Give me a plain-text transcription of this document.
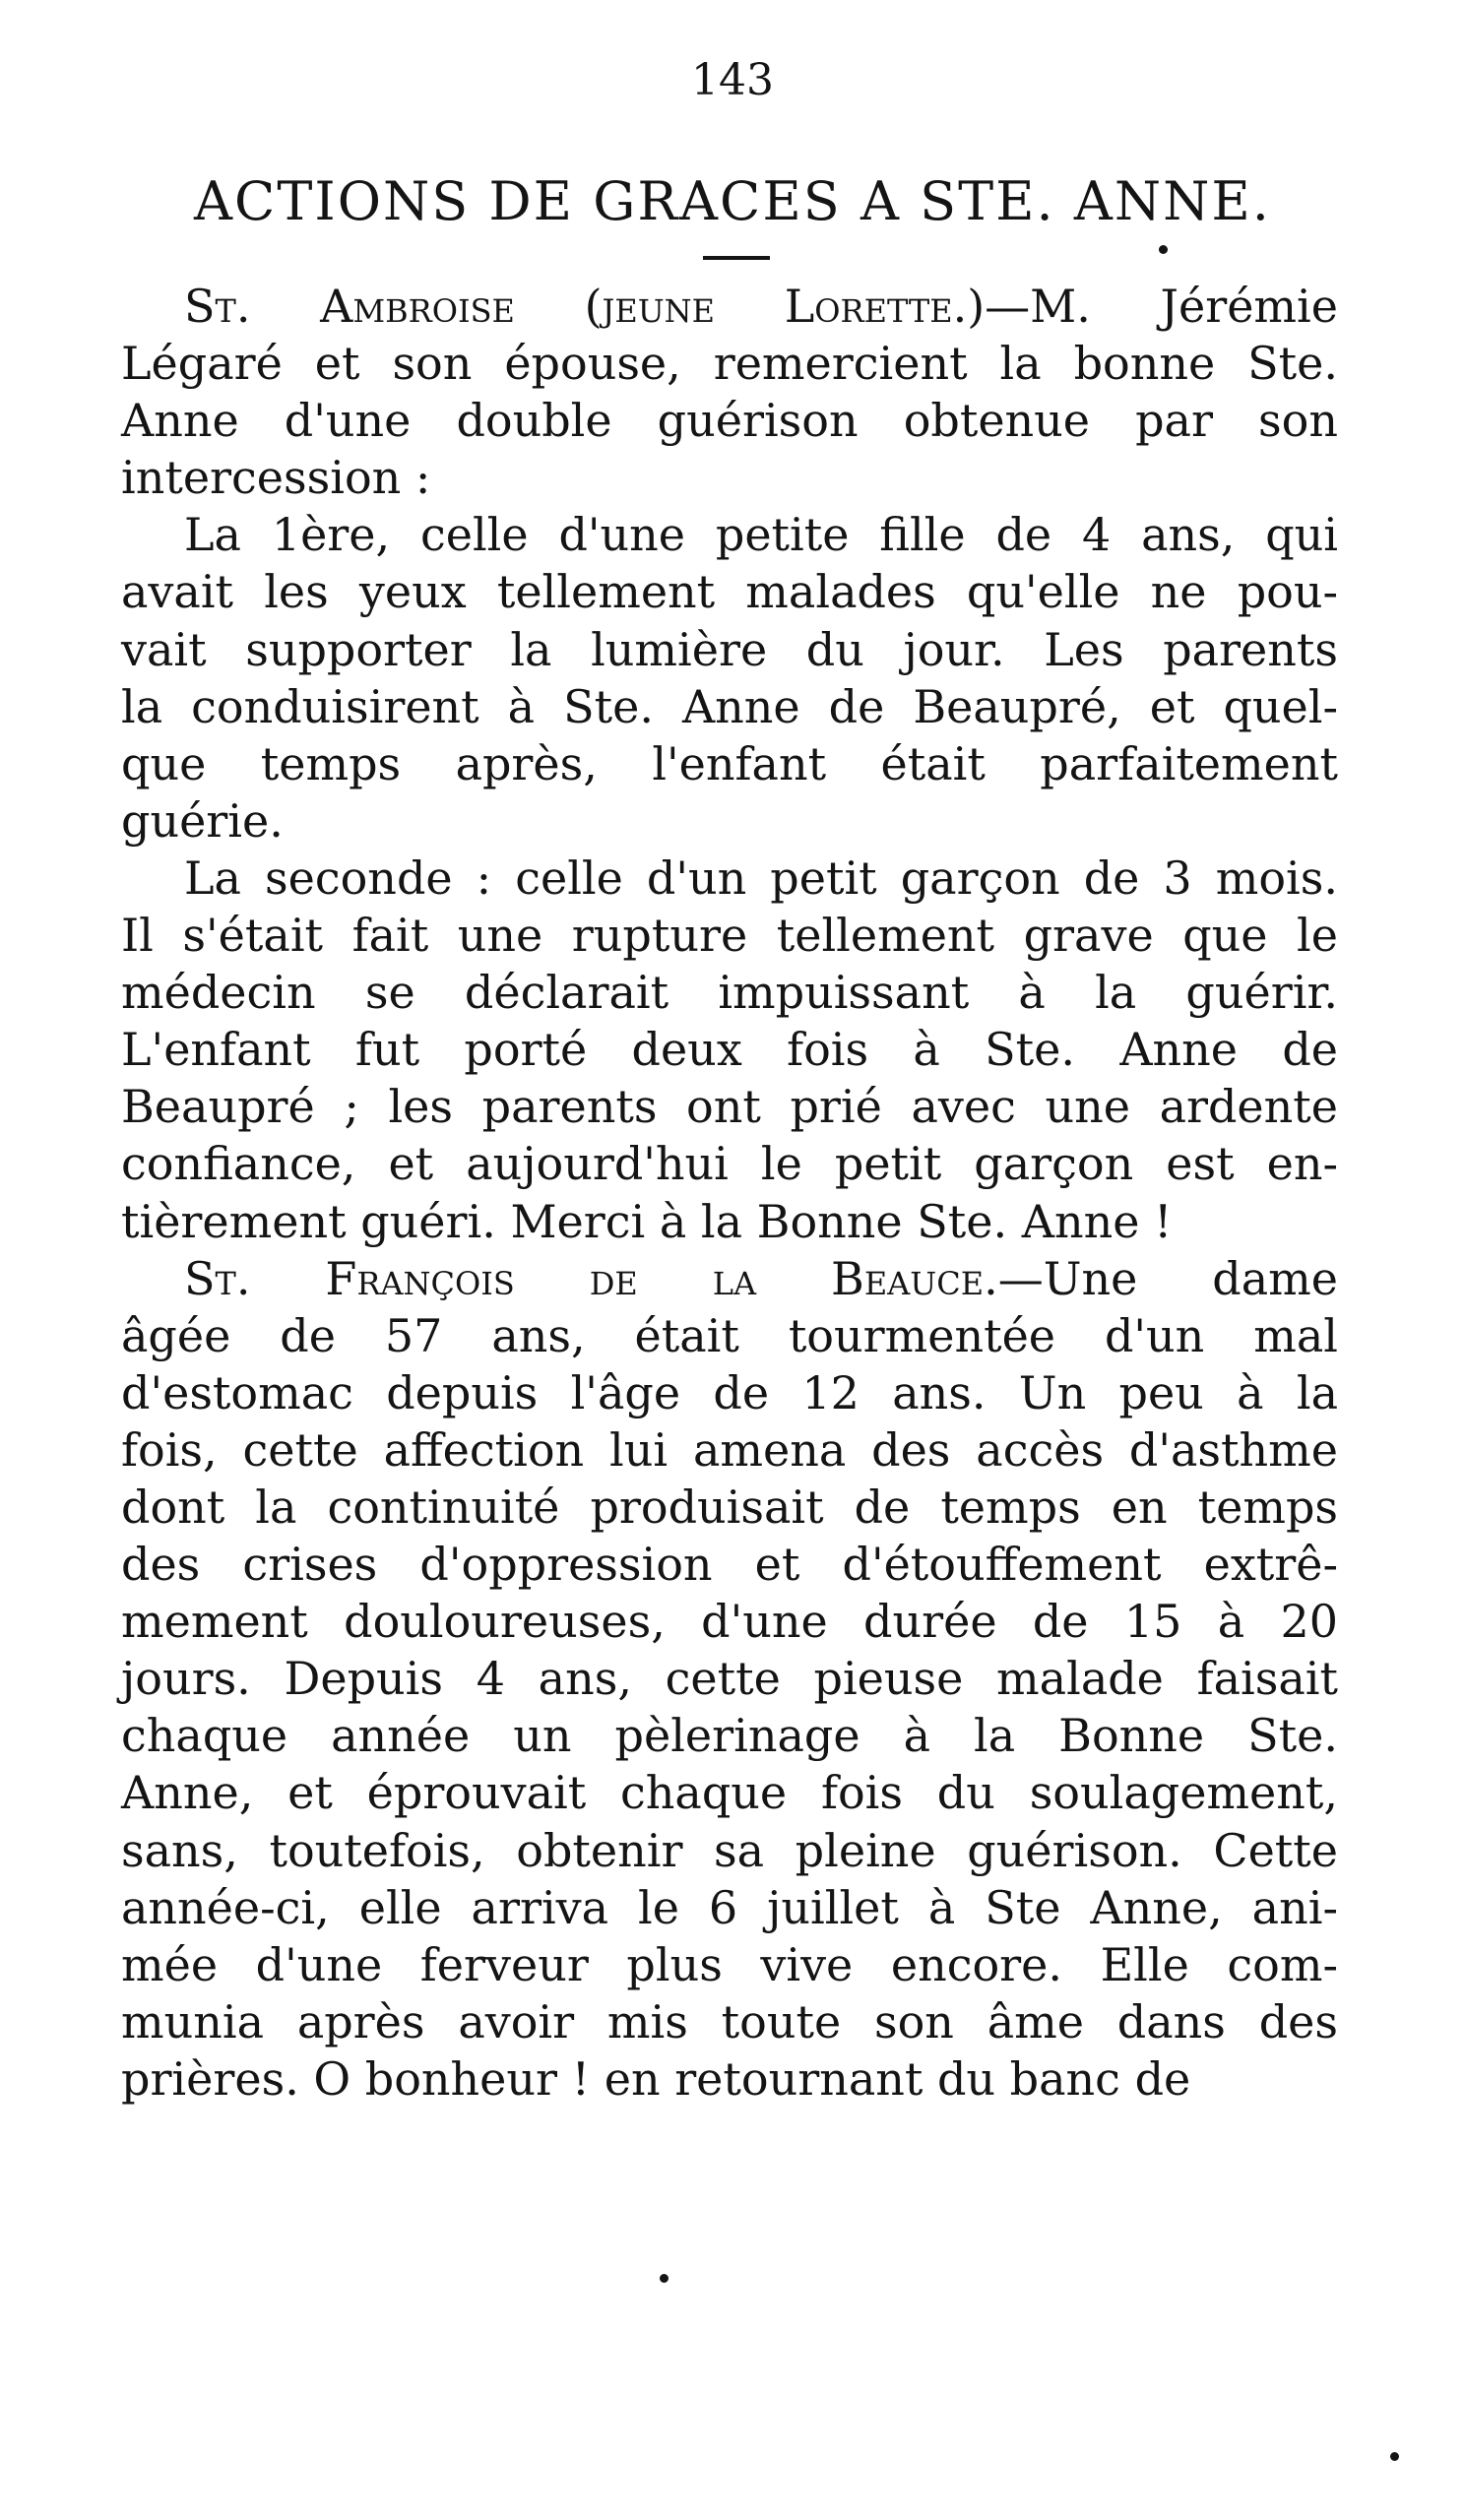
143
ACTIONS DE GRACES A STE. ANNE.
St. Ambroise (jeune Lorette.)—M. Jérémie
Légaré et son épouse, remercient la bonne Ste.
Anne d'une double guérison obtenue par son
intercession :
La 1ère, celle d'une petite fille de 4 ans, qui
avait les yeux tellement malades qu'elle ne pou-
vait supporter la lumière du jour. Les parents
la conduisirent à Ste. Anne de Beaupré, et quel-
que temps après, l'enfant était parfaitement
guérie.
La seconde : celle d'un petit garçon de 3 mois.
Il s'était fait une rupture tellement grave que le
médecin se déclarait impuissant à la guérir.
L'enfant fut porté deux fois à Ste. Anne de
Beaupré ; les parents ont prié avec une ardente
confiance, et aujourd'hui le petit garçon est en-
tièrement guéri. Merci à la Bonne Ste. Anne !
St. François de la Beauce.—Une dame
âgée de 57 ans, était tourmentée d'un mal
d'estomac depuis l'âge de 12 ans. Un peu à la
fois, cette affection lui amena des accès d'asthme
dont la continuité produisait de temps en temps
des crises d'oppression et d'étouffement extrê-
mement douloureuses, d'une durée de 15 à 20
jours. Depuis 4 ans, cette pieuse malade faisait
chaque année un pèlerinage à la Bonne Ste.
Anne, et éprouvait chaque fois du soulagement,
sans, toutefois, obtenir sa pleine guérison. Cette
année-ci, elle arriva le 6 juillet à Ste Anne, ani-
mée d'une ferveur plus vive encore. Elle com-
munia après avoir mis toute son âme dans des
prières. O bonheur ! en retournant du banc de
